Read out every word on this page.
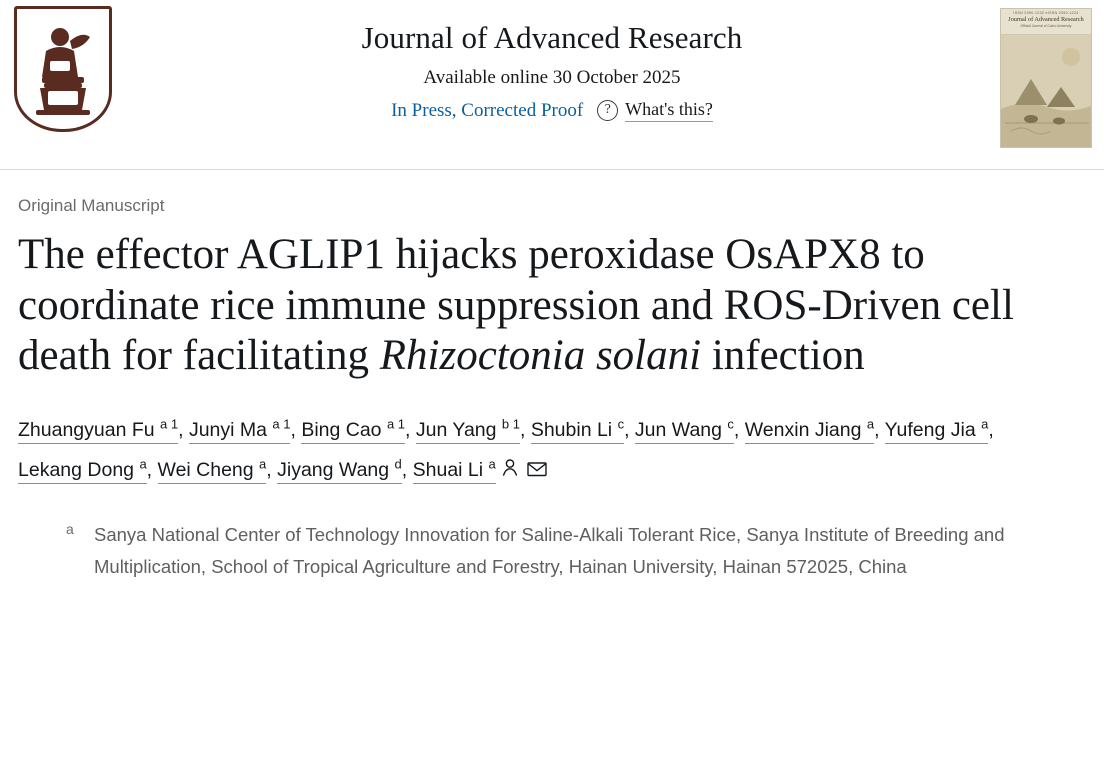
Journal of Advanced Research
Available online 30 October 2025
In Press, Corrected Proof	? What's this?
ISSN 2090-1232 eISSN 2090-1224
Journal of Advanced Research
Official Journal of Cairo University
Original Manuscript
The effector AGLIP1 hijacks peroxidase OsAPX8 to coordinate rice immune suppression and ROS-Driven cell death for facilitating Rhizoctonia solani infection
Zhuangyuan Fu $^{a 1}$, Junyi Ma $^{a 1}$, Bing Cao $^{a 1}$, Jun Yang $^{b 1}$, Shubin Li $^c$, Jun Wang $^c$, Wenxin Jiang $^a$, Yufeng Jia $^a$, Lekang Dong $^a$, Wei Cheng $^a$, Jiyang Wang $^d$, Shuai Li $^a$
a Sanya National Center of Technology Innovation for Saline-Alkali Tolerant Rice, Sanya Institute of Breeding and Multiplication, School of Tropical Agriculture and Forestry, Hainan University, Hainan 572025, China
